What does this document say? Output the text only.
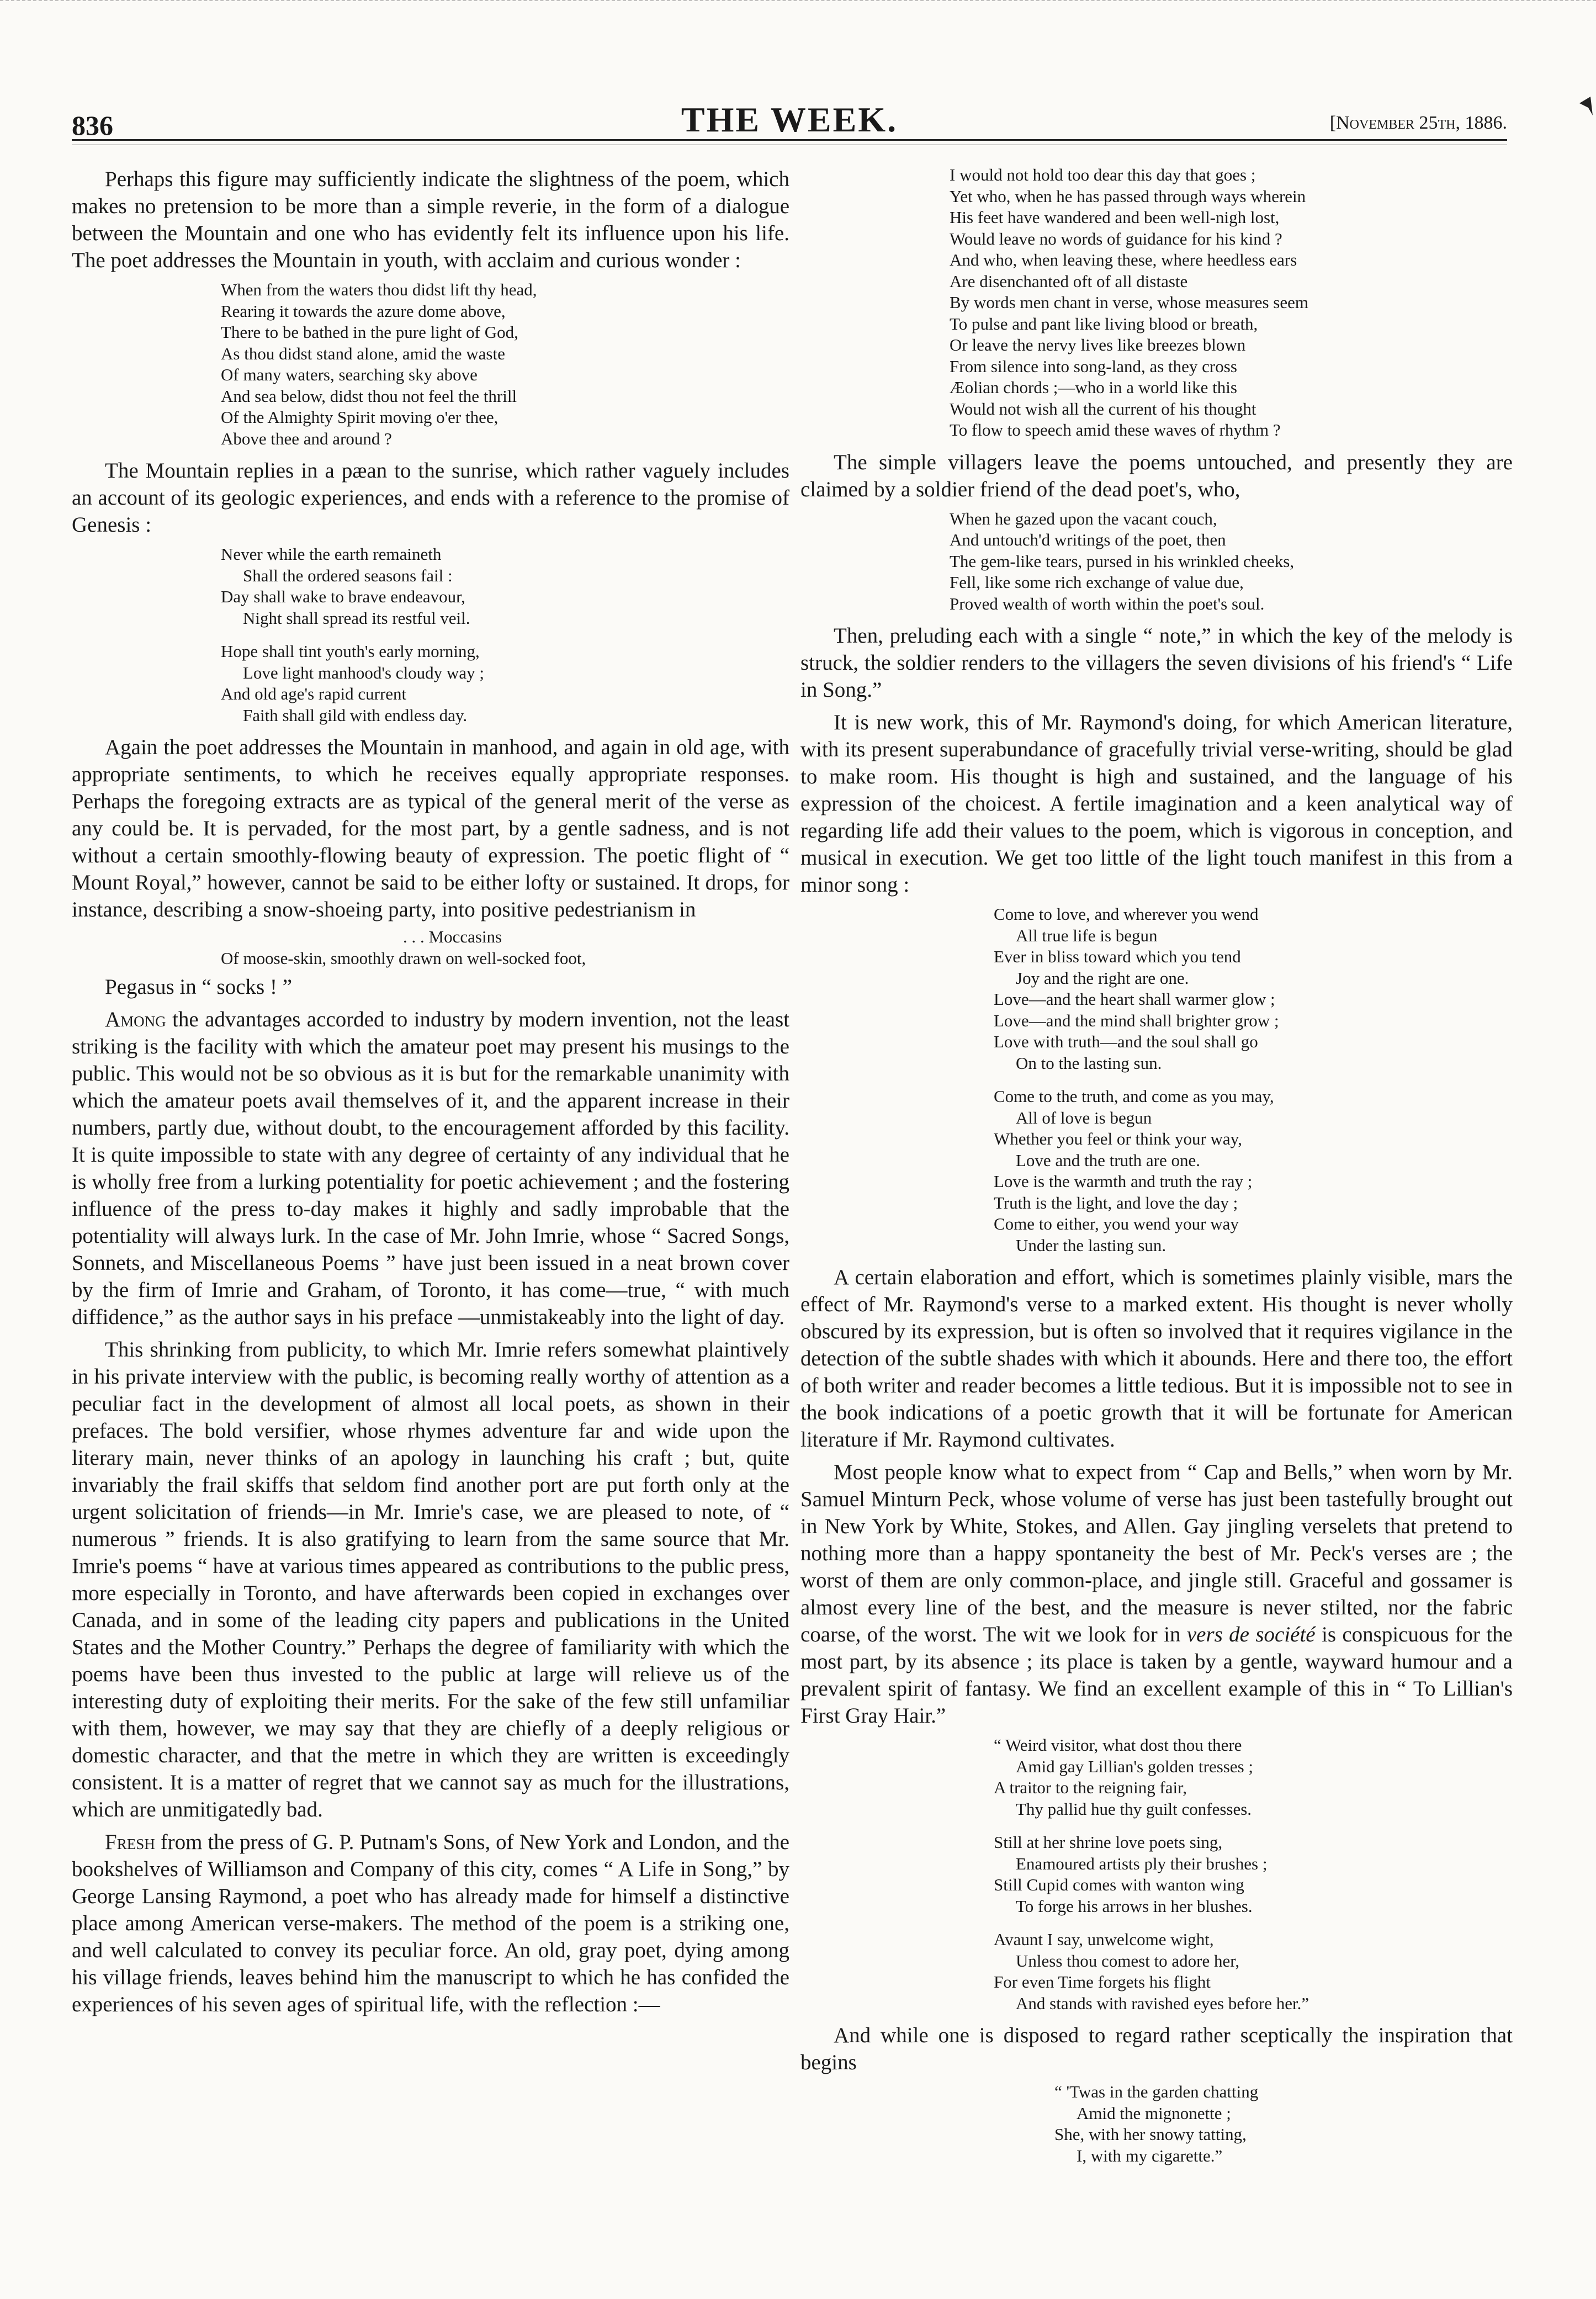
836	THE WEEK.	[November 25th, 1886.

Perhaps this figure may sufficiently indicate the slightness of the poem, which makes no pretension to be more than a simple reverie, in the form of a dialogue between the Mountain and one who has evidently felt its influence upon his life. The poet addresses the Mountain in youth, with acclaim and curious wonder :

When from the waters thou didst lift thy head,
Rearing it towards the azure dome above,
There to be bathed in the pure light of God,
As thou didst stand alone, amid the waste
Of many waters, searching sky above
And sea below, didst thou not feel the thrill
Of the Almighty Spirit moving o'er thee,
Above thee and around ?

The Mountain replies in a pæan to the sunrise, which rather vaguely includes an account of its geologic experiences, and ends with a reference to the promise of Genesis :

Never while the earth remaineth
Shall the ordered seasons fail :
Day shall wake to brave endeavour,
Night shall spread its restful veil.
Hope shall tint youth's early morning,
Love light manhood's cloudy way ;
And old age's rapid current
Faith shall gild with endless day.

Again the poet addresses the Mountain in manhood, and again in old age, with appropriate sentiments, to which he receives equally appropriate responses. Perhaps the foregoing extracts are as typical of the general merit of the verse as any could be. It is pervaded, for the most part, by a gentle sadness, and is not without a certain smoothly-flowing beauty of expression. The poetic flight of “ Mount Royal,” however, cannot be said to be either lofty or sustained. It drops, for instance, describing a snow-shoeing party, into positive pedestrianism in

. . . Moccasins
Of moose-skin, smoothly drawn on well-socked foot,

Pegasus in “ socks ! ”

Among the advantages accorded to industry by modern invention, not the least striking is the facility with which the amateur poet may present his musings to the public. This would not be so obvious as it is but for the remarkable unanimity with which the amateur poets avail themselves of it, and the apparent increase in their numbers, partly due, without doubt, to the encouragement afforded by this facility. It is quite impossible to state with any degree of certainty of any individual that he is wholly free from a lurking potentiality for poetic achievement ; and the fostering influence of the press to-day makes it highly and sadly improbable that the potentiality will always lurk. In the case of Mr. John Imrie, whose “ Sacred Songs, Sonnets, and Miscellaneous Poems ” have just been issued in a neat brown cover by the firm of Imrie and Graham, of Toronto, it has come—true, “ with much diffidence,” as the author says in his preface —unmistakeably into the light of day.

This shrinking from publicity, to which Mr. Imrie refers somewhat plaintively in his private interview with the public, is becoming really worthy of attention as a peculiar fact in the development of almost all local poets, as shown in their prefaces. The bold versifier, whose rhymes adventure far and wide upon the literary main, never thinks of an apology in launching his craft ; but, quite invariably the frail skiffs that seldom find another port are put forth only at the urgent solicitation of friends—in Mr. Imrie's case, we are pleased to note, of “ numerous ” friends. It is also gratifying to learn from the same source that Mr. Imrie's poems “ have at various times appeared as contributions to the public press, more especially in Toronto, and have afterwards been copied in exchanges over Canada, and in some of the leading city papers and publications in the United States and the Mother Country.” Perhaps the degree of familiarity with which the poems have been thus invested to the public at large will relieve us of the interesting duty of exploiting their merits. For the sake of the few still unfamiliar with them, however, we may say that they are chiefly of a deeply religious or domestic character, and that the metre in which they are written is exceedingly consistent. It is a matter of regret that we cannot say as much for the illustrations, which are unmitigatedly bad.

Fresh from the press of G. P. Putnam's Sons, of New York and London, and the bookshelves of Williamson and Company of this city, comes “ A Life in Song,” by George Lansing Raymond, a poet who has already made for himself a distinctive place among American verse-makers. The method of the poem is a striking one, and well calculated to convey its peculiar force. An old, gray poet, dying among his village friends, leaves behind him the manuscript to which he has confided the experiences of his seven ages of spiritual life, with the reflection :—

I would not hold too dear this day that goes ;
Yet who, when he has passed through ways wherein
His feet have wandered and been well-nigh lost,
Would leave no words of guidance for his kind ?
And who, when leaving these, where heedless ears
Are disenchanted oft of all distaste
By words men chant in verse, whose measures seem
To pulse and pant like living blood or breath,
Or leave the nervy lives like breezes blown
From silence into song-land, as they cross
Æolian chords ;—who in a world like this
Would not wish all the current of his thought
To flow to speech amid these waves of rhythm ?

The simple villagers leave the poems untouched, and presently they are claimed by a soldier friend of the dead poet's, who,

When he gazed upon the vacant couch,
And untouch'd writings of the poet, then
The gem-like tears, pursed in his wrinkled cheeks,
Fell, like some rich exchange of value due,
Proved wealth of worth within the poet's soul.

Then, preluding each with a single “ note,” in which the key of the melody is struck, the soldier renders to the villagers the seven divisions of his friend's “ Life in Song.”

It is new work, this of Mr. Raymond's doing, for which American literature, with its present superabundance of gracefully trivial verse-writing, should be glad to make room. His thought is high and sustained, and the language of his expression of the choicest. A fertile imagination and a keen analytical way of regarding life add their values to the poem, which is vigorous in conception, and musical in execution. We get too little of the light touch manifest in this from a minor song :

Come to love, and wherever you wend
All true life is begun
Ever in bliss toward which you tend
Joy and the right are one.
Love—and the heart shall warmer glow ;
Love—and the mind shall brighter grow ;
Love with truth—and the soul shall go
On to the lasting sun.
Come to the truth, and come as you may,
All of love is begun
Whether you feel or think your way,
Love and the truth are one.
Love is the warmth and truth the ray ;
Truth is the light, and love the day ;
Come to either, you wend your way
Under the lasting sun.

A certain elaboration and effort, which is sometimes plainly visible, mars the effect of Mr. Raymond's verse to a marked extent. His thought is never wholly obscured by its expression, but is often so involved that it requires vigilance in the detection of the subtle shades with which it abounds. Here and there too, the effort of both writer and reader becomes a little tedious. But it is impossible not to see in the book indications of a poetic growth that it will be fortunate for American literature if Mr. Raymond cultivates.

Most people know what to expect from “ Cap and Bells,” when worn by Mr. Samuel Minturn Peck, whose volume of verse has just been tastefully brought out in New York by White, Stokes, and Allen. Gay jingling verselets that pretend to nothing more than a happy spontaneity the best of Mr. Peck's verses are ; the worst of them are only common-place, and jingle still. Graceful and gossamer is almost every line of the best, and the measure is never stilted, nor the fabric coarse, of the worst. The wit we look for in vers de société is conspicuous for the most part, by its absence ; its place is taken by a gentle, wayward humour and a prevalent spirit of fantasy. We find an excellent example of this in “ To Lillian's First Gray Hair.”

“ Weird visitor, what dost thou there
Amid gay Lillian's golden tresses ;
A traitor to the reigning fair,
Thy pallid hue thy guilt confesses.
Still at her shrine love poets sing,
Enamoured artists ply their brushes ;
Still Cupid comes with wanton wing
To forge his arrows in her blushes.
Avaunt I say, unwelcome wight,
Unless thou comest to adore her,
For even Time forgets his flight
And stands with ravished eyes before her.”

And while one is disposed to regard rather sceptically the inspiration that begins

“ 'Twas in the garden chatting
Amid the mignonette ;
She, with her snowy tatting,
I, with my cigarette.”
